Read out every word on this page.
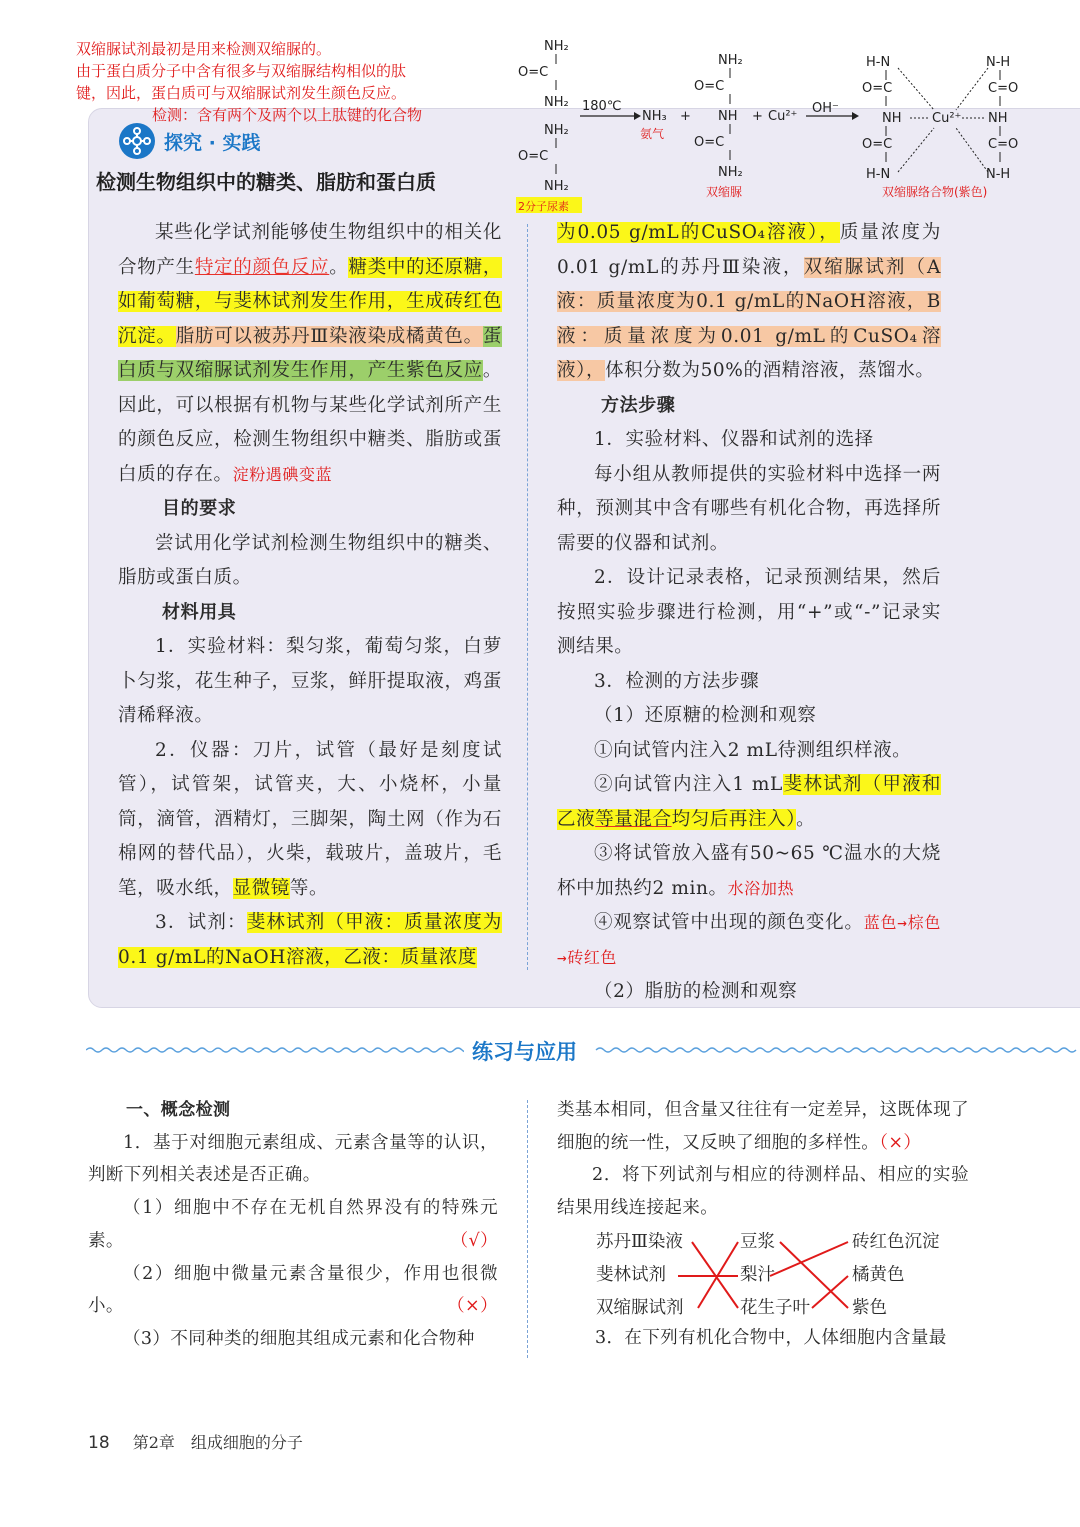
双缩脲试剂最初是用来检测双缩脲的。
由于蛋白质分子中含有很多与双缩脲结构相似的肽
键，因此，蛋白质可与双缩脲试剂发生颜色反应。
检测：含有两个及两个以上肽键的化合物
探究 · 实践
检测生物组织中的糖类、脂肪和蛋白质
NH₂
O=C
NH₂
NH₂
O=C
NH₂
2分子尿素
180℃
NH₃
氨气
+
NH₂
O=C
NH
O=C
NH₂
双缩脲
+ Cu²⁺
OH⁻
H-N
O=C
NH
O=C
H-N
Cu²⁺
N-H
C=O
NH
C=O
N-H
双缩脲络合物(紫色)

某些化学试剂能够使生物组织中的相关化合物产生特定的颜色反应。糖类中的还原糖，如葡萄糖，与斐林试剂发生作用，生成砖红色沉淀。脂肪可以被苏丹Ⅲ染液染成橘黄色。蛋白质与双缩脲试剂发生作用，产生紫色反应。因此，可以根据有机物与某些化学试剂所产生的颜色反应，检测生物组织中糖类、脂肪或蛋白质的存在。淀粉遇碘变蓝

目的要求

尝试用化学试剂检测生物组织中的糖类、脂肪或蛋白质。

材料用具

1．实验材料：梨匀浆，葡萄匀浆，白萝卜匀浆，花生种子，豆浆，鲜肝提取液，鸡蛋清稀释液。

2．仪器：刀片，试管（最好是刻度试管），试管架，试管夹，大、小烧杯，小量筒，滴管，酒精灯，三脚架，陶土网（作为石棉网的替代品），火柴，载玻片，盖玻片，毛笔，吸水纸，显微镜等。

3．试剂：斐林试剂（甲液：质量浓度为0.1 g/mL的NaOH溶液，乙液：质量浓度

为0.05 g/mL的CuSO₄溶液），质量浓度为0.01 g/mL的苏丹Ⅲ染液，双缩脲试剂（A液：质量浓度为0.1 g/mL的NaOH溶液，B液：质量浓度为0.01 g/mL的CuSO₄溶液），体积分数为50%的酒精溶液，蒸馏水。

方法步骤

1．实验材料、仪器和试剂的选择

每小组从教师提供的实验材料中选择一两种，预测其中含有哪些有机化合物，再选择所需要的仪器和试剂。

2．设计记录表格，记录预测结果，然后按照实验步骤进行检测，用“+”或“-”记录实测结果。

3．检测的方法步骤

（1）还原糖的检测和观察

①向试管内注入2 mL待测组织样液。

②向试管内注入1 mL斐林试剂（甲液和乙液等量混合均匀后再注入）。

③将试管放入盛有50~65 ℃温水的大烧杯中加热约2 min。水浴加热

④观察试管中出现的颜色变化。蓝色→棕色→砖红色

（2）脂肪的检测和观察

练习与应用

一、概念检测

1．基于对细胞元素组成、元素含量等的认识，判断下列相关表述是否正确。

（1）细胞中不存在无机自然界没有的特殊元素。	（√）

（2）细胞中微量元素含量很少，作用也很微小。	（×）

（3）不同种类的细胞其组成元素和化合物种

类基本相同，但含量又往往有一定差异，这既体现了细胞的统一性，又反映了细胞的多样性。（×）

2．将下列试剂与相应的待测样品、相应的实验结果用线连接起来。

苏丹Ⅲ染液
斐林试剂
双缩脲试剂
豆浆
梨汁
花生子叶
砖红色沉淀
橘黄色
紫色

3．在下列有机化合物中，人体细胞内含量最

18 第2章　组成细胞的分子
